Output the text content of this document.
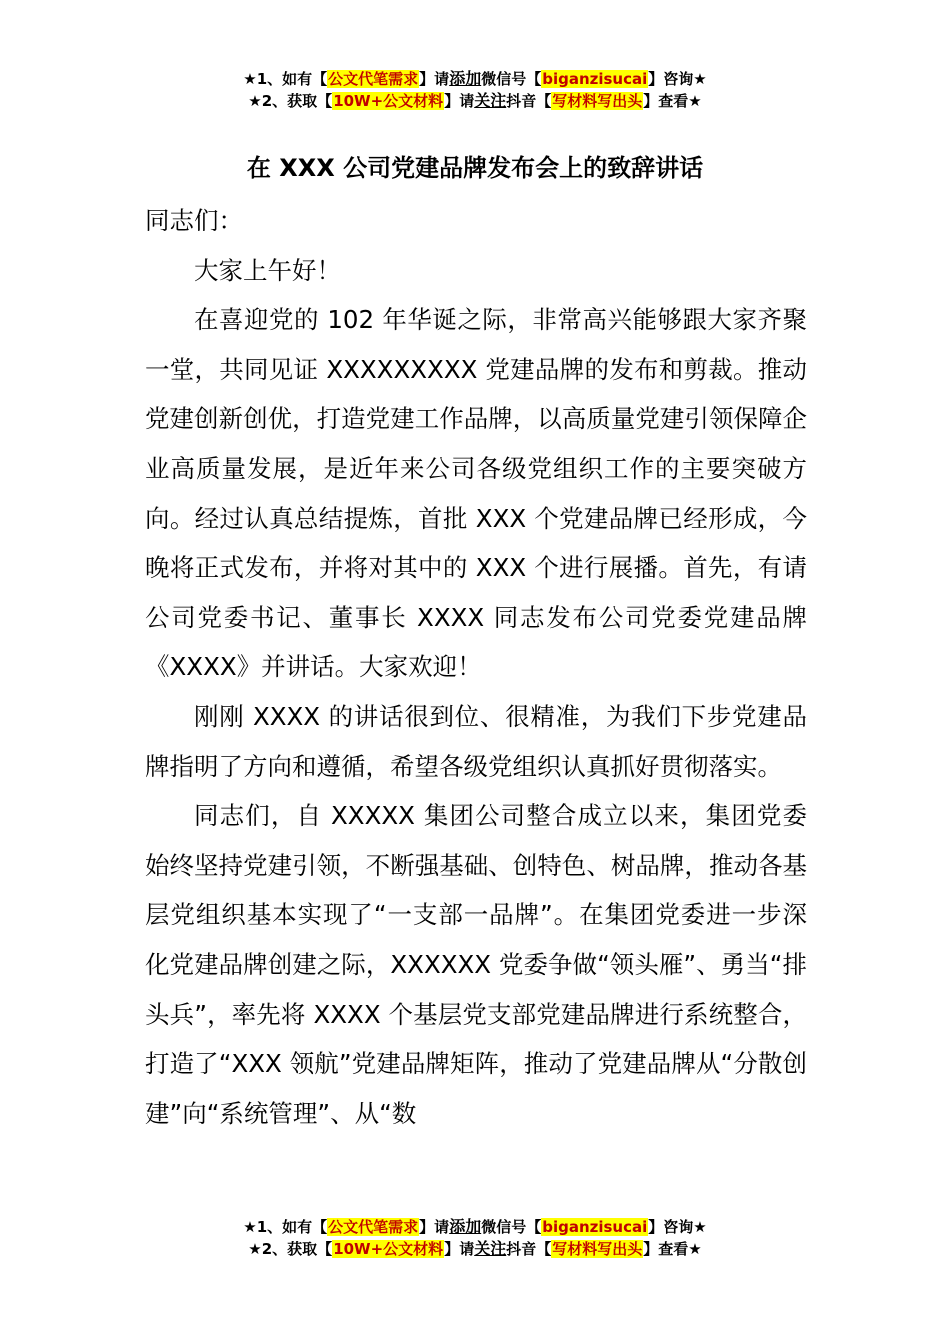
★1、如有【公文代笔需求】请添加微信号【biganzisucai】咨询★
★2、获取【10W+公文材料】请关注抖音【写材料写出头】查看★
在 XXX 公司党建品牌发布会上的致辞讲话

同志们：

大家上午好！

在喜迎党的 102 年华诞之际，非常高兴能够跟大家齐聚一堂，共同见证 XXXXXXXXX 党建品牌的发布和剪裁。推动党建创新创优，打造党建工作品牌，以高质量党建引领保障企业高质量发展，是近年来公司各级党组织工作的主要突破方向。经过认真总结提炼，首批 XXX 个党建品牌已经形成，今晚将正式发布，并将对其中的 XXX 个进行展播。首先，有请公司党委书记、董事长 XXXX 同志发布公司党委党建品牌《XXXX》并讲话。大家欢迎！

刚刚 XXXX 的讲话很到位、很精准，为我们下步党建品牌指明了方向和遵循，希望各级党组织认真抓好贯彻落实。

同志们，自 XXXXX 集团公司整合成立以来，集团党委始终坚持党建引领，不断强基础、创特色、树品牌，推动各基层党组织基本实现了“一支部一品牌”。在集团党委进一步深化党建品牌创建之际，XXXXXX 党委争做“领头雁”、勇当“排头兵”，率先将 XXXX 个基层党支部党建品牌进行系统整合，打造了“XXX 领航”党建品牌矩阵，推动了党建品牌从“分散创建”向“系统管理”、从“数

★1、如有【公文代笔需求】请添加微信号【biganzisucai】咨询★
★2、获取【10W+公文材料】请关注抖音【写材料写出头】查看★
